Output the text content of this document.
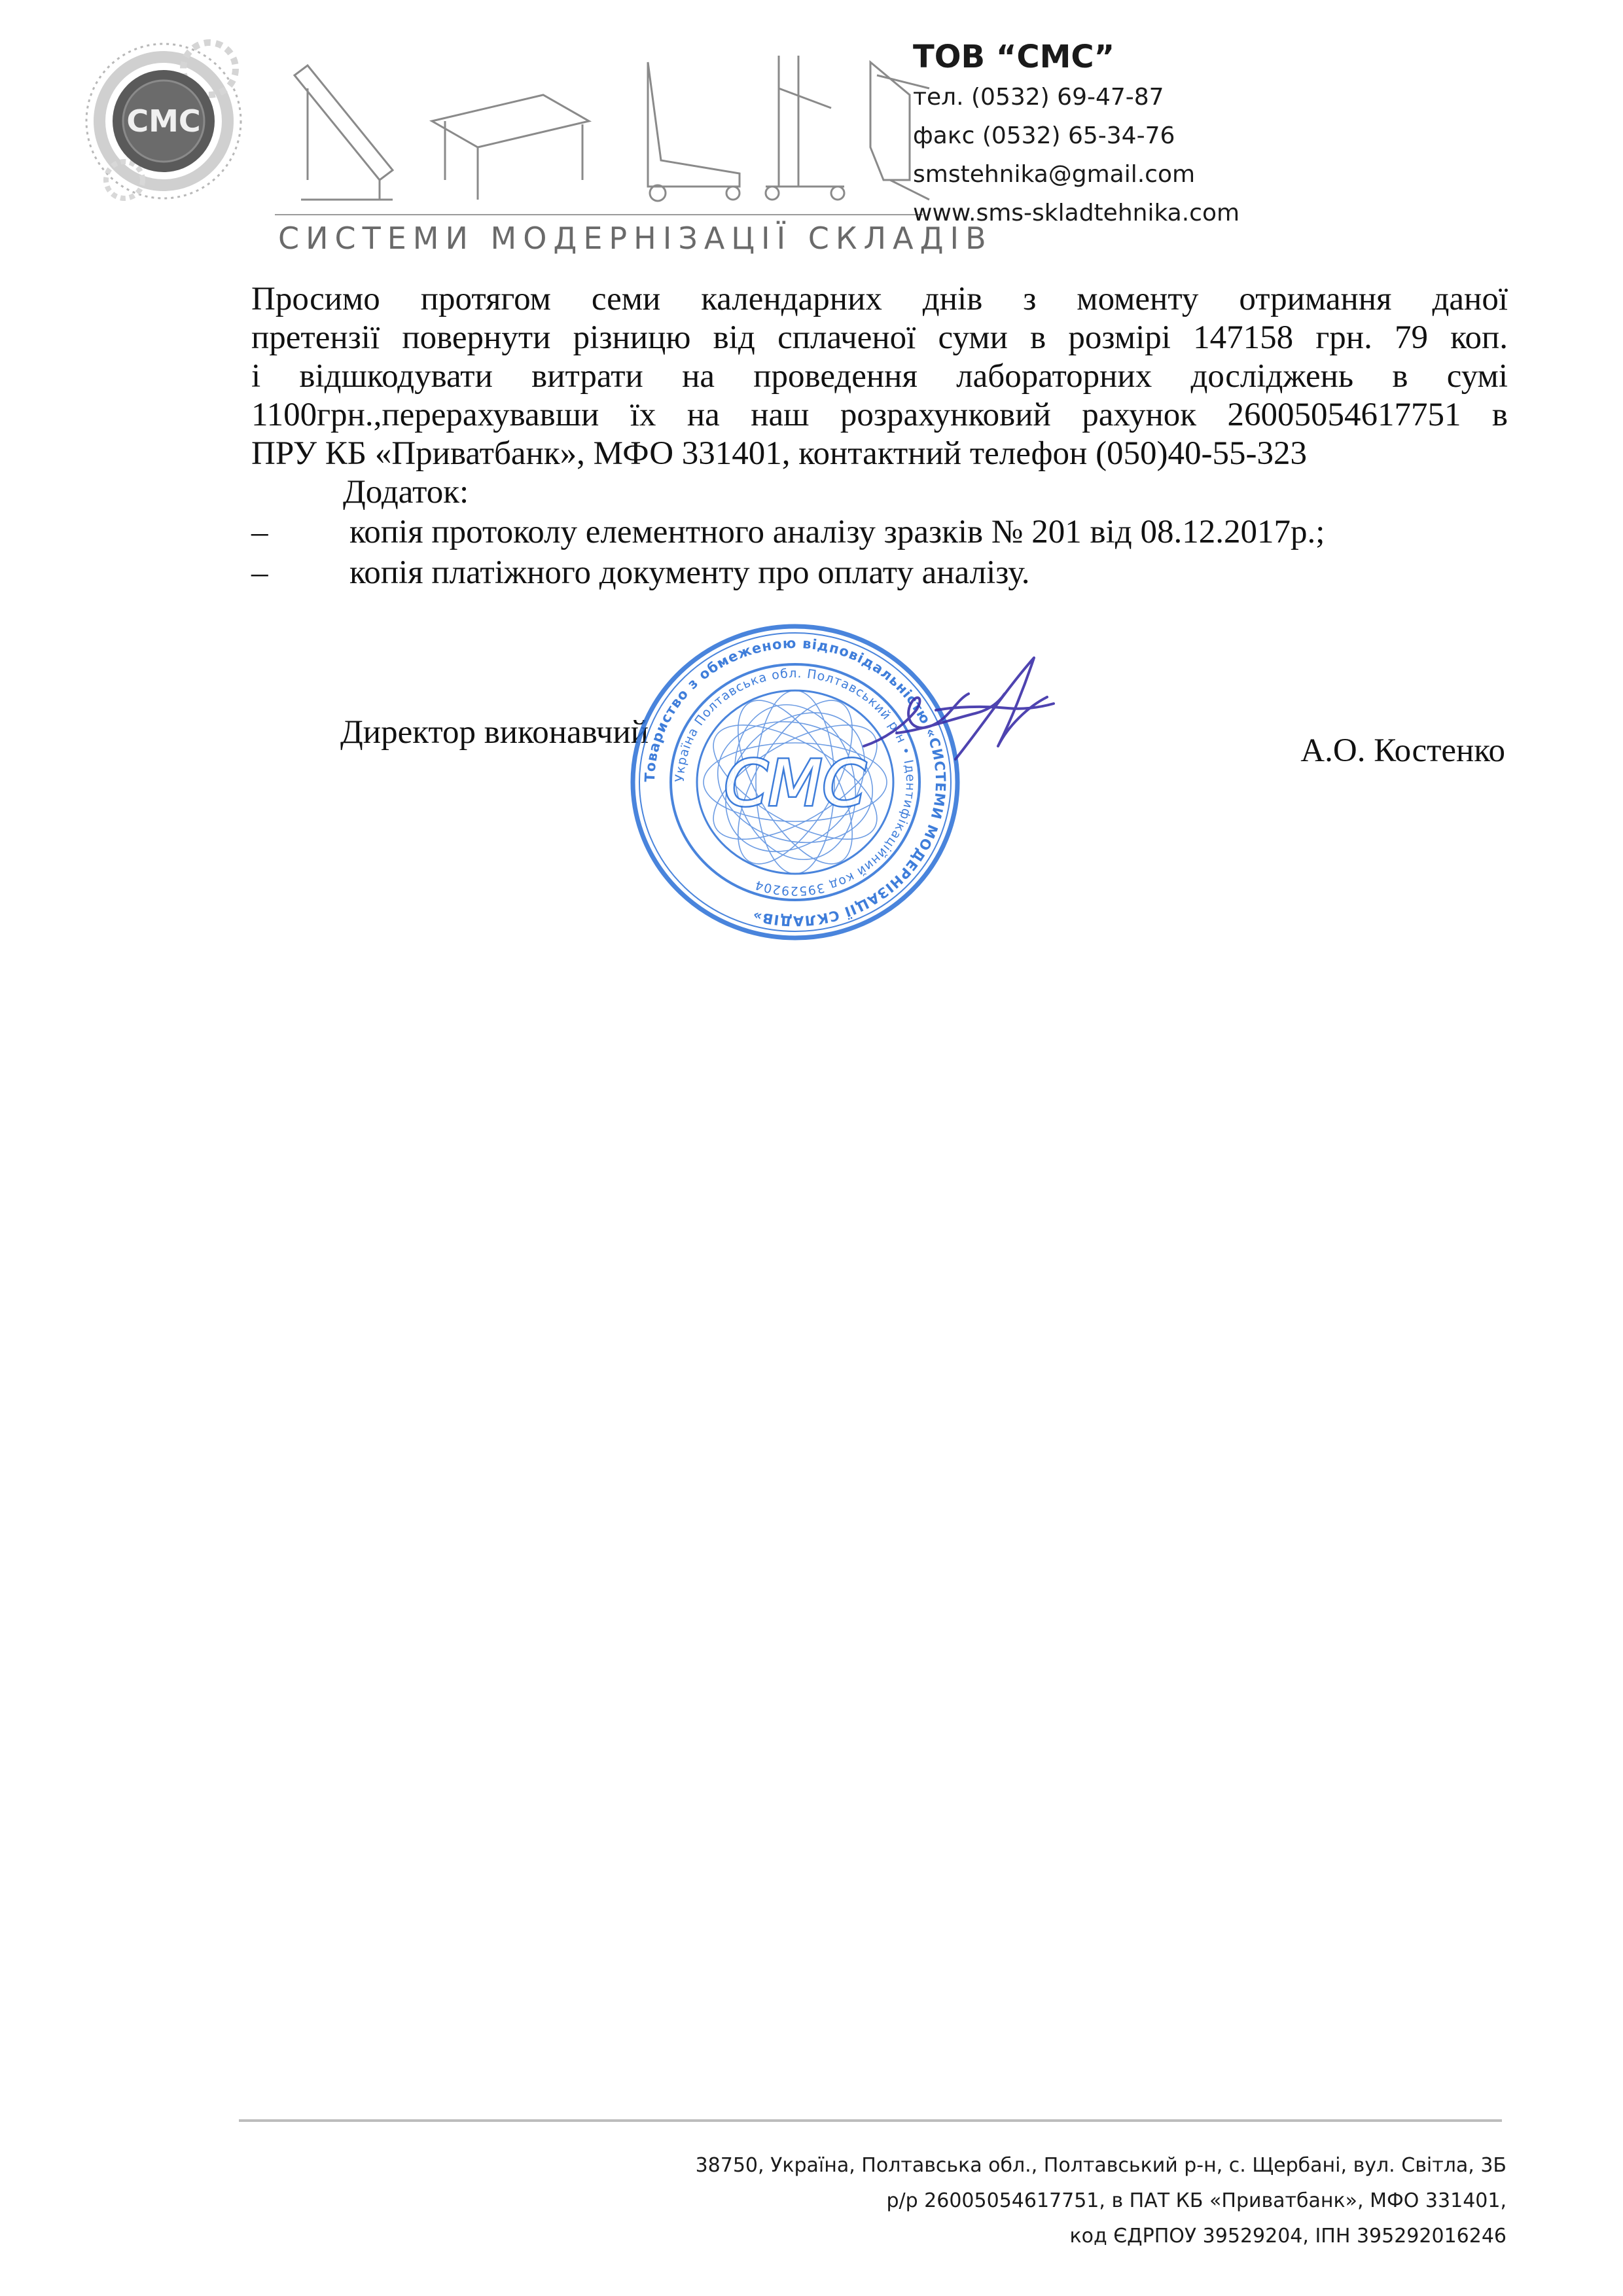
СМС
СИСТЕМИ МОДЕРНІЗАЦІЇ СКЛАДІВ
ТОВ “СМС”
тел. (0532) 69-47-87
факс (0532) 65-34-76
smstehnika@gmail.com
www.sms-skladtehnika.com

Просимо протягом семи календарних днів з моменту отримання даної
претензії повернути різницю від сплаченої суми в розмірі 147158 грн. 79 коп.
і відшкодувати витрати на проведення лабораторних досліджень в сумі
1100грн.,перерахувавши їх на наш розрахунковий рахунок 26005054617751 в
ПРУ КБ «Приватбанк», МФО 331401, контактний телефон (050)40-55-323

Додаток:
– копія протоколу елементного аналізу зразків № 201 від 08.12.2017р.;
– копія платіжного документу про оплату аналізу.
Директор виконавчий	А.О. Костенко
Товариство з обмеженою відповідальністю «СИСТЕМИ МОДЕРНІЗАЦІЇ СКЛАДІВ»
Україна Полтавська обл. Полтавський р-н • Ідентифікаційний код 39529204
СМС
38750, Україна, Полтавська обл., Полтавський р-н, с. Щербані, вул. Світла, 3Б
р/р 26005054617751, в ПАТ КБ «Приватбанк», МФО 331401,
код ЄДРПОУ 39529204, ІПН 395292016246
